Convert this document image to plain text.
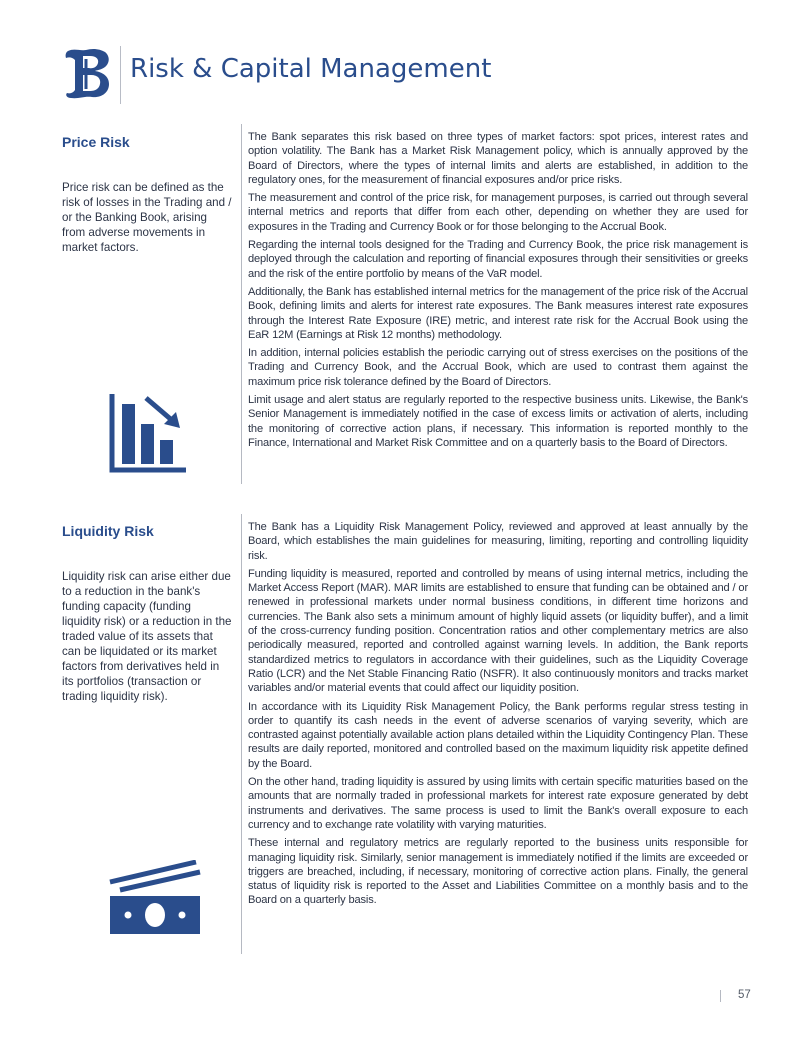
Risk & Capital Management
Price Risk
Price risk can be defined as the risk of losses in the Trading and / or the Banking Book, arising from adverse movements in market factors.

The Bank separates this risk based on three types of market factors: spot prices, interest rates and option volatility. The Bank has a Market Risk Management policy, which is annually approved by the Board of Directors, where the types of internal limits and alerts are established, in addition to the regulatory ones, for the measurement of financial exposures and/or price risks.

The measurement and control of the price risk, for management purposes, is carried out through several internal metrics and reports that differ from each other, depending on whether they are used for exposures in the Trading and Currency Book or for those belonging to the Accrual Book.

Regarding the internal tools designed for the Trading and Currency Book, the price risk management is deployed through the calculation and reporting of financial exposures through their sensitivities or greeks and the risk of the entire portfolio by means of the VaR model.

Additionally, the Bank has established internal metrics for the management of the price risk of the Accrual Book, defining limits and alerts for interest rate exposures. The Bank measures interest rate exposures through the Interest Rate Exposure (IRE) metric, and interest rate risk for the Accrual Book using the EaR 12M (Earnings at Risk 12 months) methodology.

In addition, internal policies establish the periodic carrying out of stress exercises on the positions of the Trading and Currency Book, and the Accrual Book, which are used to contrast them against the maximum price risk tolerance defined by the Board of Directors.

Limit usage and alert status are regularly reported to the respective business units. Likewise, the Bank's Senior Management is immediately notified in the case of excess limits or activation of alerts, including the monitoring of corrective action plans, if necessary. This information is reported monthly to the Finance, International and Market Risk Committee and on a quarterly basis to the Board of Directors.

Liquidity Risk
Liquidity risk can arise either due to a reduction in the bank's funding capacity (funding liquidity risk) or a reduction in the traded value of its assets that can be liquidated or its market factors from derivatives held in its portfolios (transaction or trading liquidity risk).

The Bank has a Liquidity Risk Management Policy, reviewed and approved at least annually by the Board, which establishes the main guidelines for measuring, limiting, reporting and controlling liquidity risk.

Funding liquidity is measured, reported and controlled by means of using internal metrics, including the Market Access Report (MAR). MAR limits are established to ensure that funding can be obtained and / or renewed in professional markets under normal business conditions, in different time horizons and currencies. The Bank also sets a minimum amount of highly liquid assets (or liquidity buffer), and a limit of the cross-currency funding position. Concentration ratios and other complementary metrics are also periodically measured, reported and controlled against warning levels. In addition, the Bank reports standardized metrics to regulators in accordance with their guidelines, such as the Liquidity Coverage Ratio (LCR) and the Net Stable Financing Ratio (NSFR). It also continuously monitors and tracks market variables and/or material events that could affect our liquidity position.

In accordance with its Liquidity Risk Management Policy, the Bank performs regular stress testing in order to quantify its cash needs in the event of adverse scenarios of varying severity, which are contrasted against potentially available action plans detailed within the Liquidity Contingency Plan. These results are daily reported, monitored and controlled based on the maximum liquidity risk appetite defined by the Board.

On the other hand, trading liquidity is assured by using limits with certain specific maturities based on the amounts that are normally traded in professional markets for interest rate exposure generated by debt instruments and derivatives. The same process is used to limit the Bank's overall exposure to each currency and to exchange rate volatility with varying maturities.

These internal and regulatory metrics are regularly reported to the business units responsible for managing liquidity risk. Similarly, senior management is immediately notified if the limits are exceeded or triggers are breached, including, if necessary, monitoring of corrective action plans. Finally, the general status of liquidity risk is reported to the Asset and Liabilities Committee on a monthly basis and to the Board on a quarterly basis.

57
